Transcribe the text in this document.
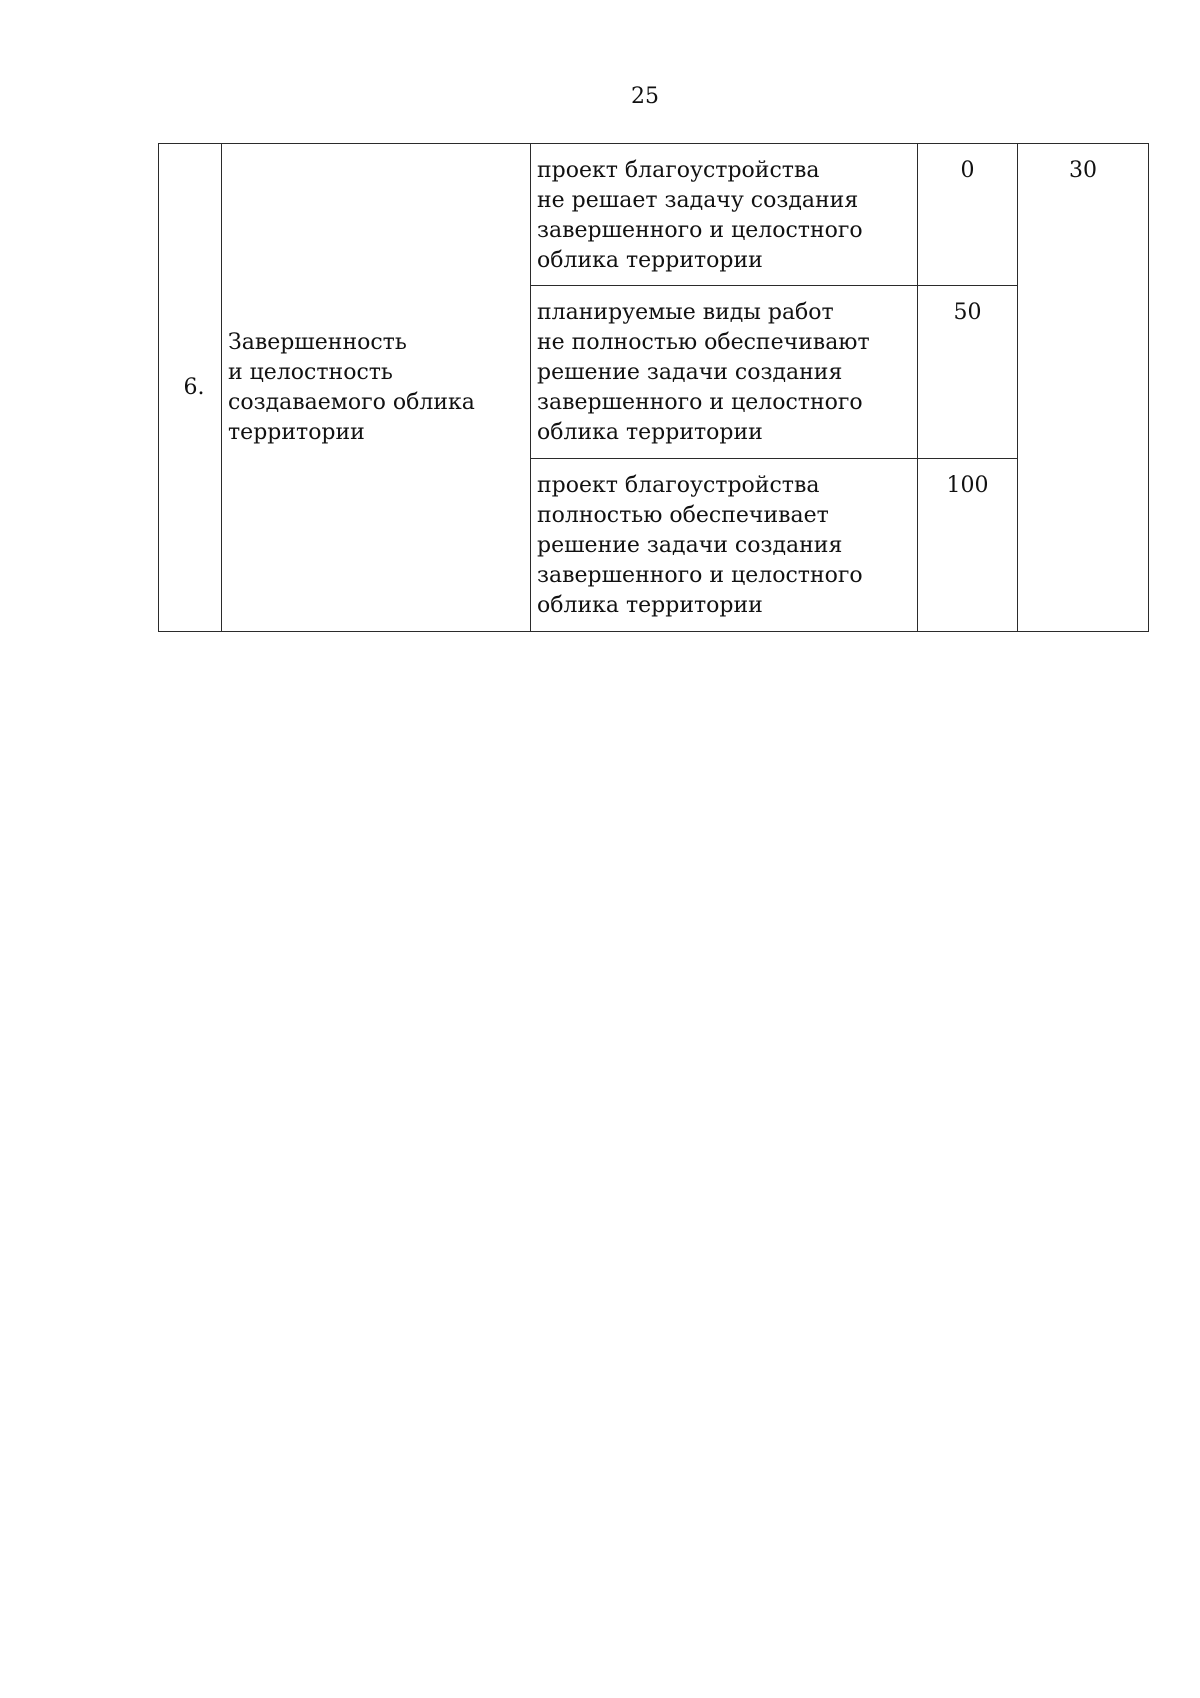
25
6.	Завершенность
и целостность
создаваемого облика
территории	проект благоустройства
не решает задачу создания
завершенного и целостного
облика территории	0	30

		планируемые виды работ
не полностью обеспечивают
решение задачи создания
завершенного и целостного
облика территории	50	

		проект благоустройства
полностью обеспечивает
решение задачи создания
завершенного и целостного
облика территории	100	
